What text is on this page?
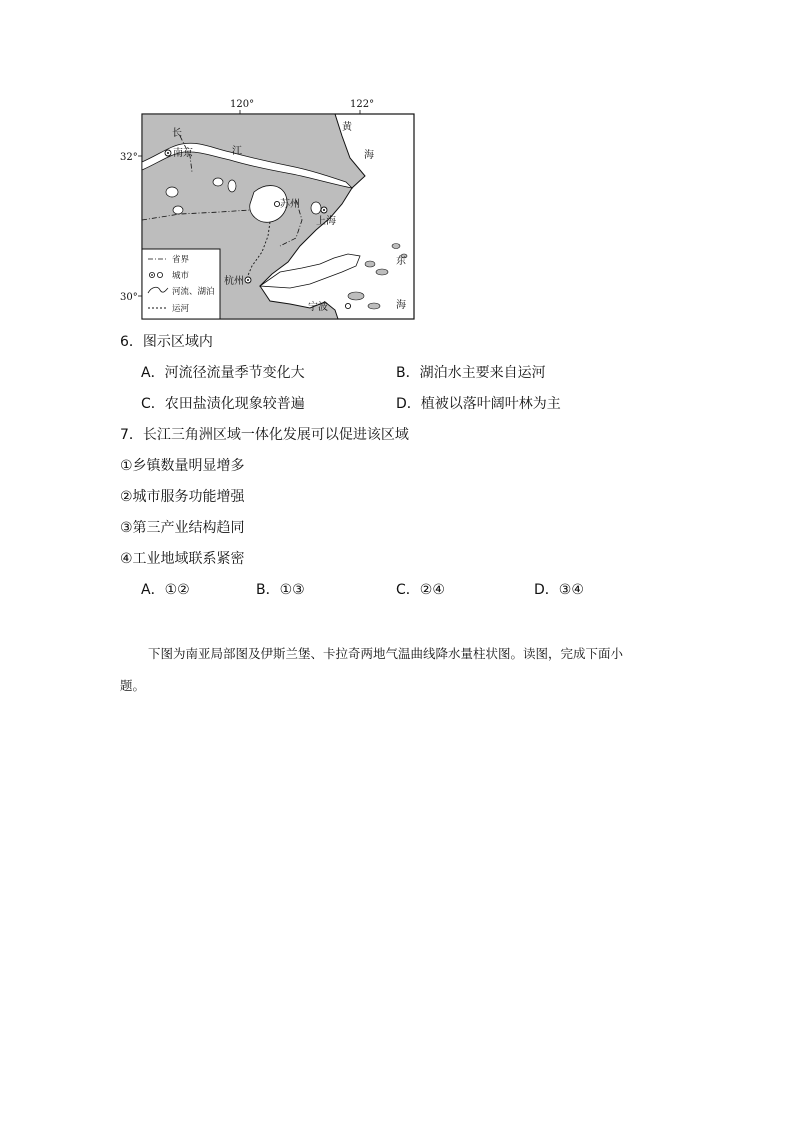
120°	122°
32°
30°
南京
苏州
上海
杭州
宁波
长
江
黄
海
东
海
省界
城市
河流、湖泊
运河
6．图示区域内
A．河流径流量季节变化大	B．湖泊水主要来自运河
C．农田盐渍化现象较普遍	D．植被以落叶阔叶林为主
7．长江三角洲区域一体化发展可以促进该区域
①乡镇数量明显增多
②城市服务功能增强
③第三产业结构趋同
④工业地域联系紧密
A．①②	B．①③	C．②④	D．③④
下图为南亚局部图及伊斯兰堡、卡拉奇两地气温曲线降水量柱状图。读图，完成下面小
题。
